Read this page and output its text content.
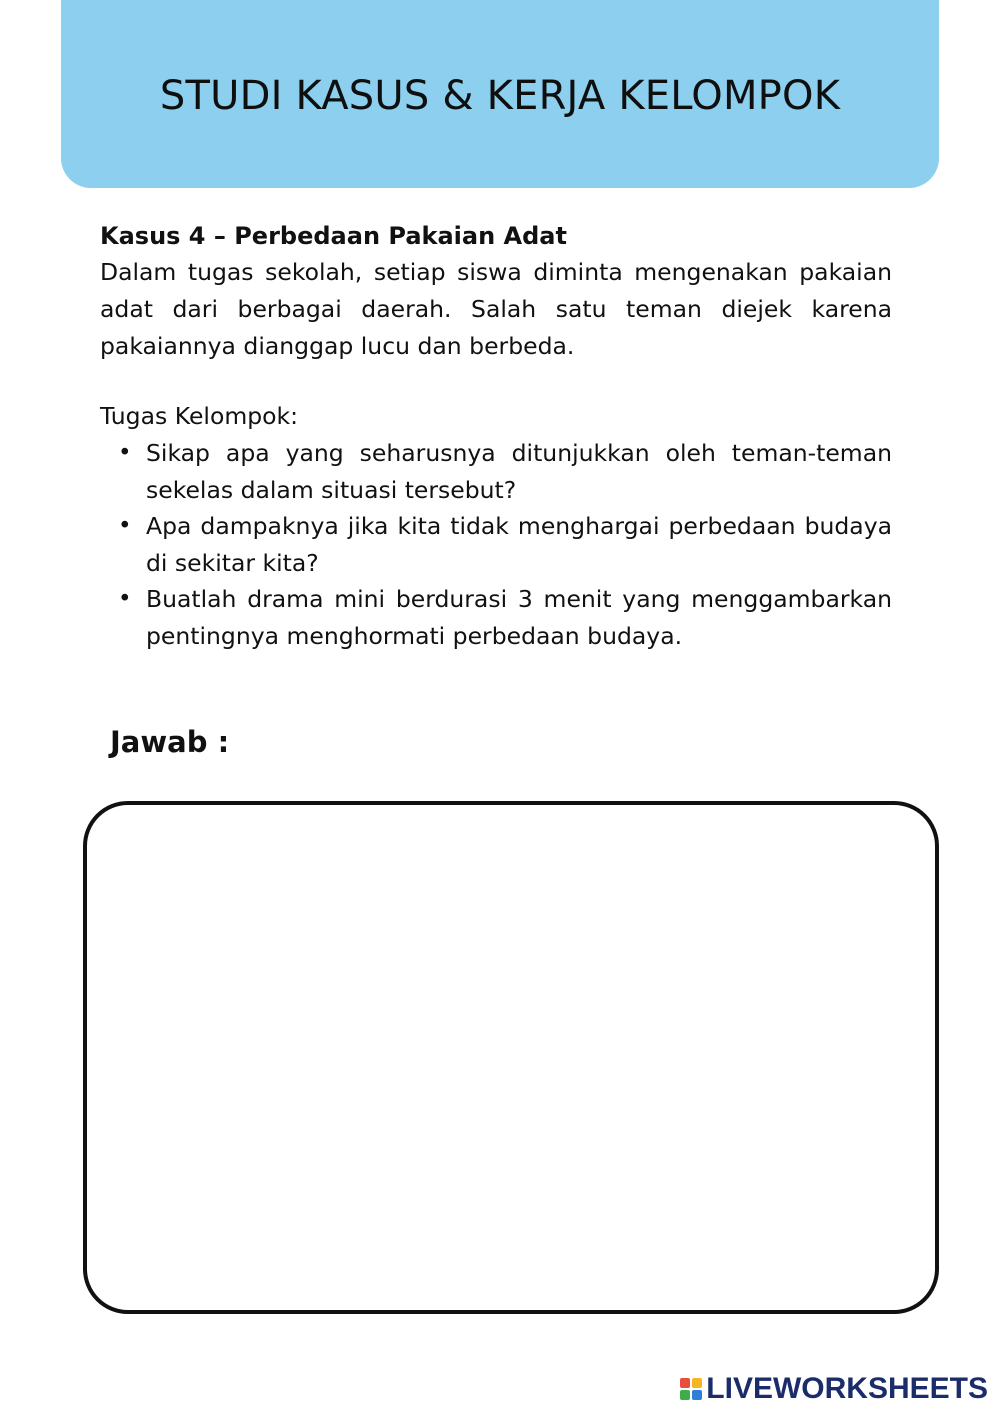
STUDI KASUS & KERJA KELOMPOK

Kasus 4 – Perbedaan Pakaian Adat

Dalam tugas sekolah, setiap siswa diminta mengenakan pakaian adat dari berbagai daerah. Salah satu teman diejek karena pakaiannya dianggap lucu dan berbeda.

Tugas Kelompok:

• Sikap apa yang seharusnya ditunjukkan oleh teman-teman sekelas dalam situasi tersebut?
• Apa dampaknya jika kita tidak menghargai perbedaan budaya di sekitar kita?
• Buatlah drama mini berdurasi 3 menit yang menggambarkan pentingnya menghormati perbedaan budaya.

Jawab :

LIVEWORKSHEETS
